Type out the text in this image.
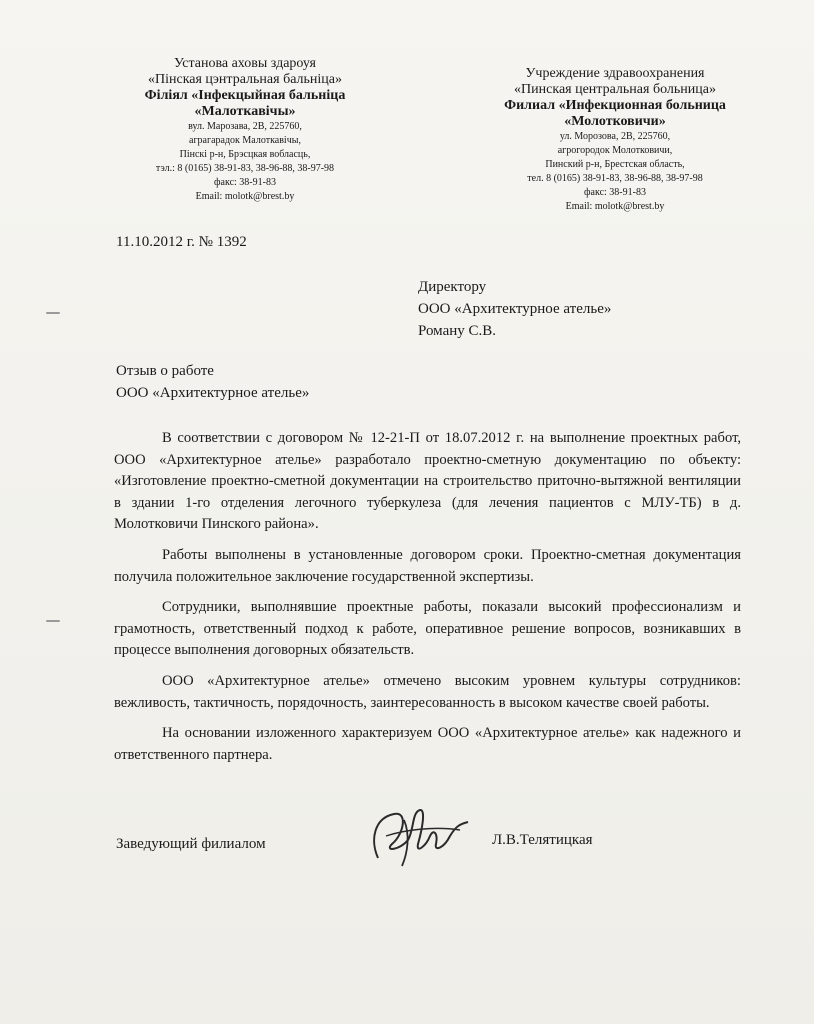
Установа аховы здароуя
«Пінская цэнтральная бальніца»
Філіял «Інфекцыйная бальніца
«Малоткавічы»
вул. Марозава, 2В, 225760,
аграгарадок Малоткавічы,
Пінскі р-н, Брэсцкая вобласць,
тэл.: 8 (0165) 38-91-83, 38-96-88, 38-97-98
факс: 38-91-83
Email: molotk@brest.by
Учреждение здравоохранения
«Пинская центральная больница»
Филиал «Инфекционная больница
«Молотковичи»
ул. Морозова, 2В, 225760,
агрогородок Молотковичи,
Пинский р-н, Брестская область,
тел. 8 (0165) 38-91-83, 38-96-88, 38-97-98
факс: 38-91-83
Email: molotk@brest.by
11.10.2012 г. № 1392
Директору
ООО «Архитектурное ателье»
Роману С.В.
Отзыв о работе
ООО «Архитектурное ателье»

В соответствии с договором № 12-21-П от 18.07.2012 г. на выполнение проектных работ, ООО «Архитектурное ателье» разработало проектно-сметную документацию по объекту: «Изготовление проектно-сметной документации на строительство приточно-вытяжной вентиляции в здании 1-го отделения легочного туберкулеза (для лечения пациентов с МЛУ-ТБ) в д. Молотковичи Пинского района».

Работы выполнены в установленные договором сроки. Проектно-сметная документация получила положительное заключение государственной экспертизы.

Сотрудники, выполнявшие проектные работы, показали высокий профессионализм и грамотность, ответственный подход к работе, оперативное решение вопросов, возникавших в процессе выполнения договорных обязательств.

ООО «Архитектурное ателье» отмечено высоким уровнем культуры сотрудников: вежливость, тактичность, порядочность, заинтересованность в высоком качестве своей работы.

На основании изложенного характеризуем ООО «Архитектурное ателье» как надежного и ответственного партнера.

Заведующий филиалом	Л.В.Телятицкая
